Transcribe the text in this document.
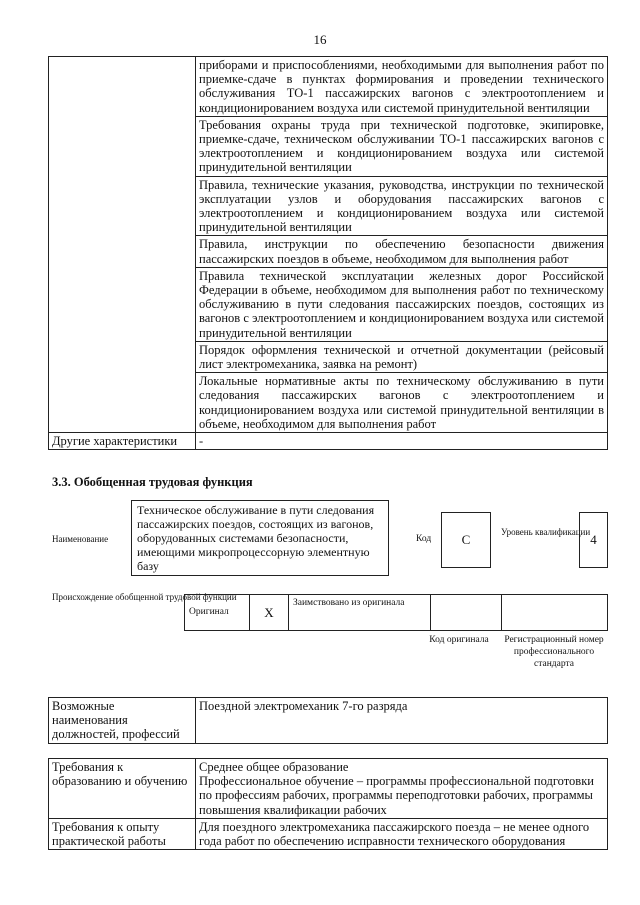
16
	приборами и приспособлениями, необходимыми для выполнения работ по приемке-сдаче в пунктах формирования и проведении технического обслуживания ТО-1 пассажирских вагонов с электроотоплением и кондиционированием воздуха или системой принудительной вентиляции
	Требования охраны труда при технической подготовке, экипировке, приемке-сдаче, техническом обслуживании ТО-1 пассажирских вагонов с электроотоплением и кондиционированием воздуха или системой принудительной вентиляции
	Правила, технические указания, руководства, инструкции по технической эксплуатации узлов и оборудования пассажирских вагонов с электроотоплением и кондиционированием воздуха или системой принудительной вентиляции
	Правила, инструкции по обеспечению безопасности движения пассажирских поездов в объеме, необходимом для выполнения работ
	Правила технической эксплуатации железных дорог Российской Федерации в объеме, необходимом для выполнения работ по техническому обслуживанию в пути следования пассажирских поездов, состоящих из вагонов с электроотоплением и кондиционированием воздуха или системой принудительной вентиляции
	Порядок оформления технической и отчетной документации (рейсовый лист электромеханика, заявка на ремонт)
	Локальные нормативные акты по техническому обслуживанию в пути следования пассажирских вагонов с электроотоплением и кондиционированием воздуха или системой принудительной вентиляции в объеме, необходимом для выполнения работ
Другие характеристики	-
3.3. Обобщенная трудовая функция
Наименование
Техническое обслуживание в пути следования пассажирских поездов, состоящих из вагонов, оборудованных системами безопасности, имеющими микропроцессорную элементную базу
Код	C	Уровень квалификации 4
Происхождение обобщенной трудовой функции
Оригинал	X	Заимствовано из оригинала		
Код оригинала	Регистрационный номер профессионального стандарта
Возможные наименования должностей, профессий	Поездной электромеханик 7-го разряда
Требования к образованию и обучению	Среднее общее образование
Профессиональное обучение – программы профессиональной подготовки по профессиям рабочих, программы переподготовки рабочих, программы повышения квалификации рабочих

Требования к опыту практической работы	Для поездного электромеханика пассажирского поезда – не менее одного года работ по обеспечению исправности технического оборудования
